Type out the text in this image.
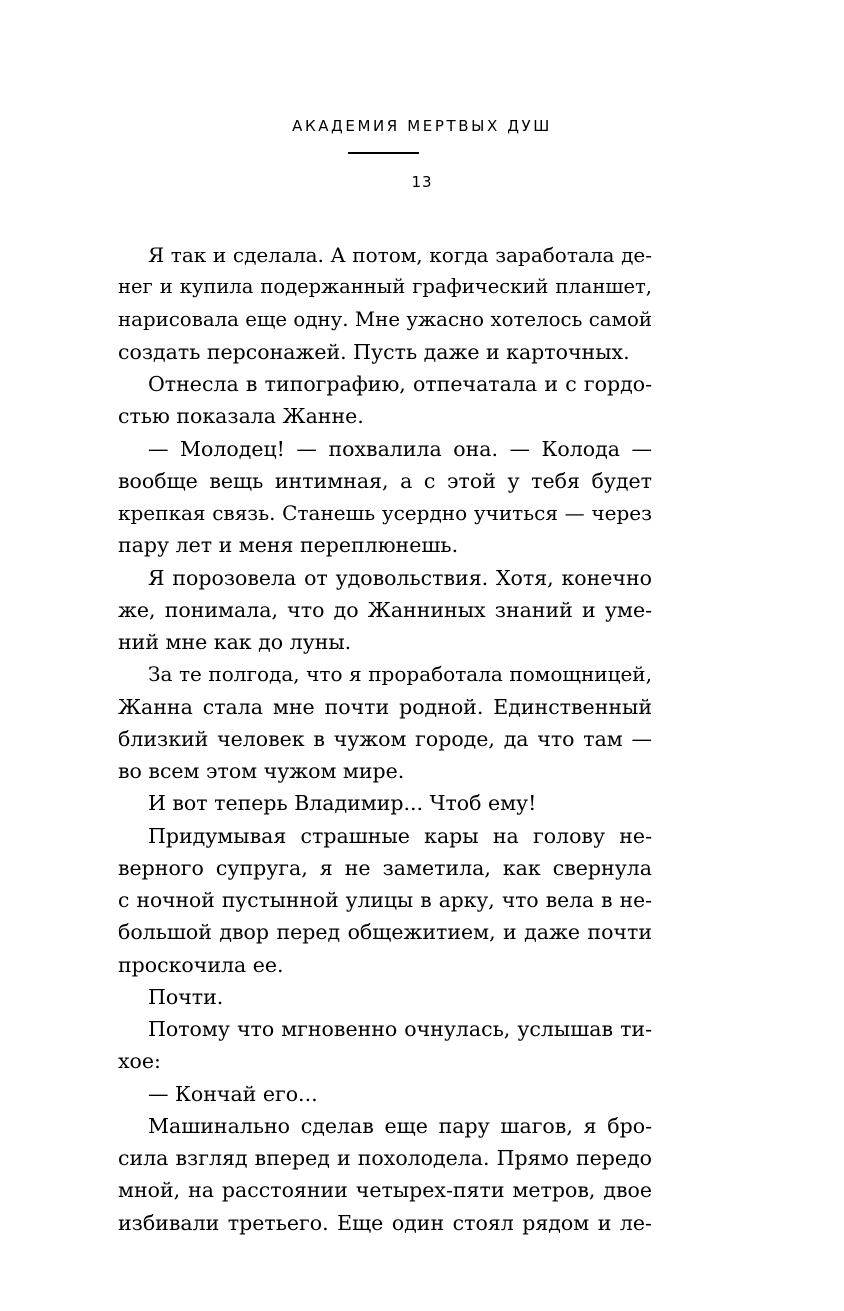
АКАДЕМИЯ МЕРТВЫХ ДУШ
13
Я так и сделала. А потом, когда заработала де-
нег и купила подержанный графический планшет,
нарисовала еще одну. Мне ужасно хотелось самой
создать персонажей. Пусть даже и карточных.
Отнесла в типографию, отпечатала и с гордо-
стью показала Жанне.
— Молодец! — похвалила она. — Колода —
вообще вещь интимная, а с этой у тебя будет
крепкая связь. Станешь усердно учиться — через
пару лет и меня переплюнешь.
Я порозовела от удовольствия. Хотя, конечно
же, понимала, что до Жанниных знаний и уме-
ний мне как до луны.
За те полгода, что я проработала помощницей,
Жанна стала мне почти родной. Единственный
близкий человек в чужом городе, да что там —
во всем этом чужом мире.
И вот теперь Владимир... Чтоб ему!
Придумывая страшные кары на голову не-
верного супруга, я не заметила, как свернула
с ночной пустынной улицы в арку, что вела в не-
большой двор перед общежитием, и даже почти
проскочила ее.
Почти.
Потому что мгновенно очнулась, услышав ти-
хое:
— Кончай его...
Машинально сделав еще пару шагов, я бро-
сила взгляд вперед и похолодела. Прямо передо
мной, на расстоянии четырех-пяти метров, двое
избивали третьего. Еще один стоял рядом и ле-
